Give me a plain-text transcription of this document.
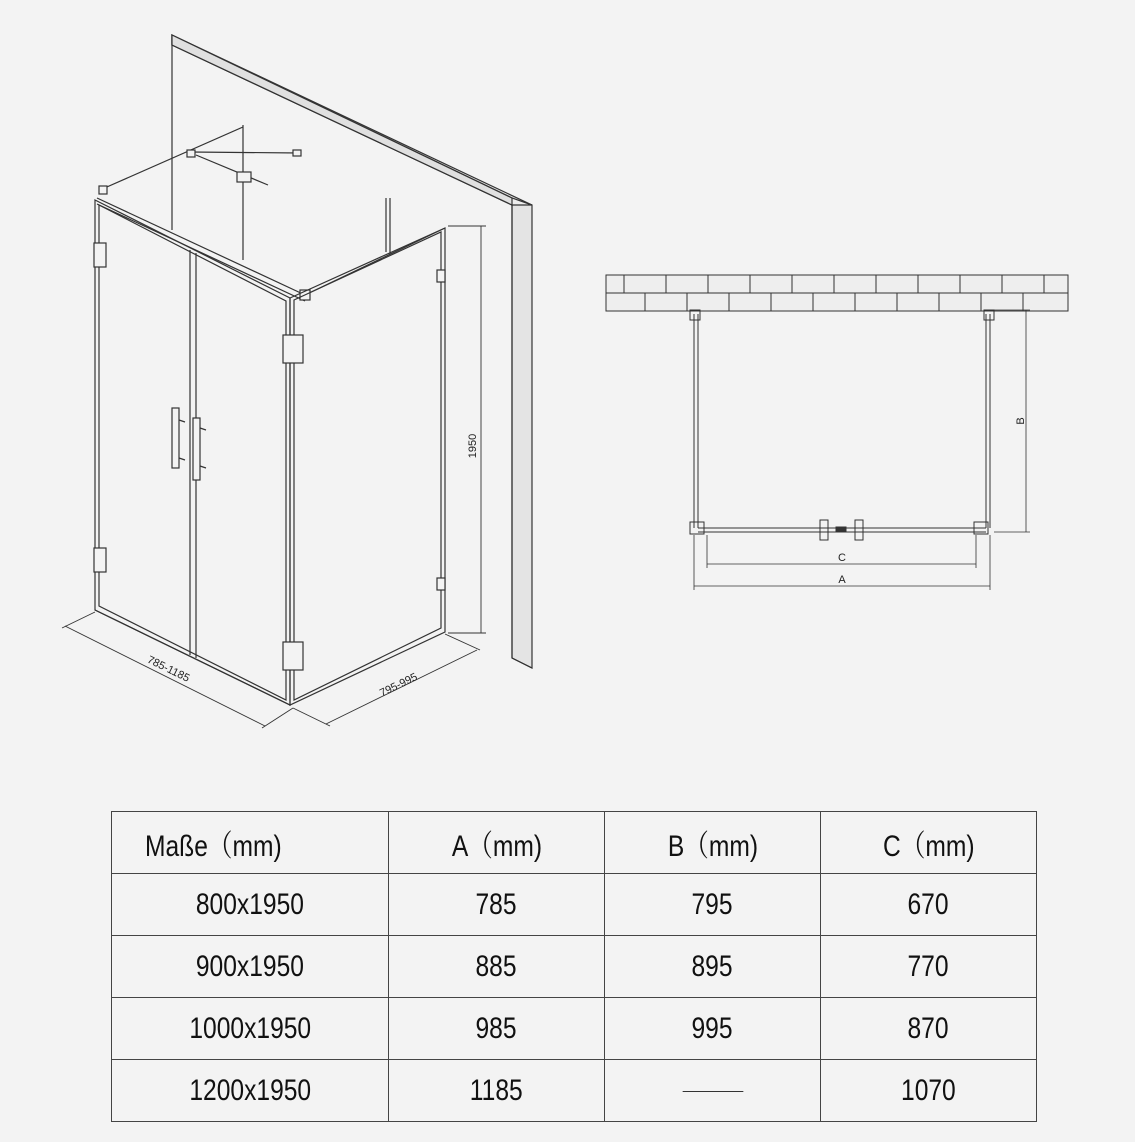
1950
785-1185
795-995
C
A
B
Maße（mm)	A（mm)	B（mm)	C（mm)
800x1950	785	795	670
900x1950	885	895	770
1000x1950	985	995	870
1200x1950	1185		1070
